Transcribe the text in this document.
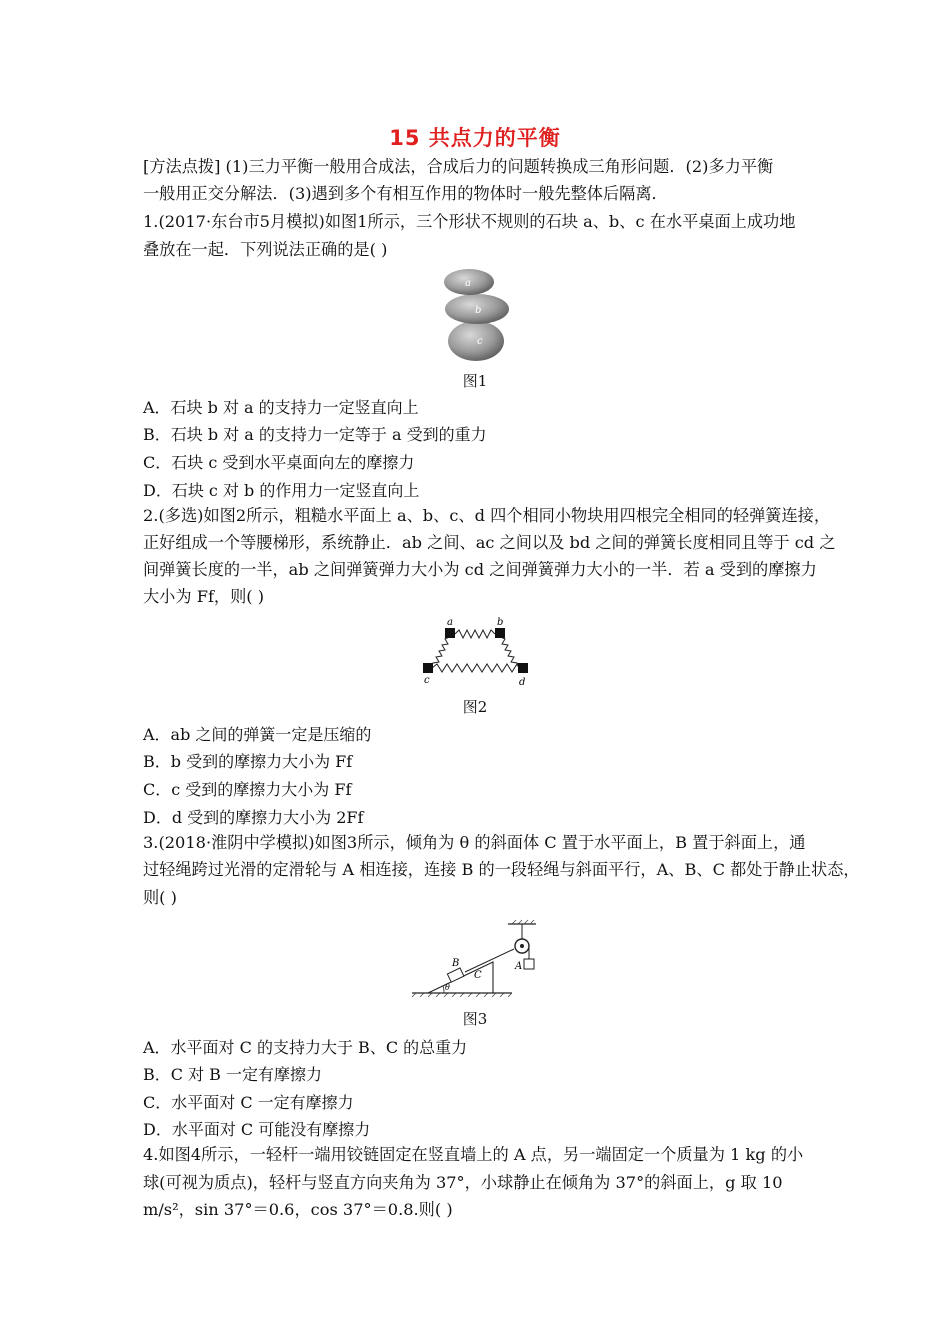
15 共点力的平衡
[方法点拨] (1)三力平衡一般用合成法，合成后力的问题转换成三角形问题．(2)多力平衡
一般用正交分解法．(3)遇到多个有相互作用的物体时一般先整体后隔离．
1.(2017·东台市5月模拟)如图1所示，三个形状不规则的石块 a、b、c 在水平桌面上成功地
叠放在一起．下列说法正确的是( )
a
b
c
图1
A．石块 b 对 a 的支持力一定竖直向上
B．石块 b 对 a 的支持力一定等于 a 受到的重力
C．石块 c 受到水平桌面向左的摩擦力
D．石块 c 对 b 的作用力一定竖直向上
2.(多选)如图2所示，粗糙水平面上 a、b、c、d 四个相同小物块用四根完全相同的轻弹簧连接，
正好组成一个等腰梯形，系统静止．ab 之间、ac 之间以及 bd 之间的弹簧长度相同且等于 cd 之
间弹簧长度的一半，ab 之间弹簧弹力大小为 cd 之间弹簧弹力大小的一半．若 a 受到的摩擦力
大小为 Ff，则( )
a	b
c	d
图2
A．ab 之间的弹簧一定是压缩的
B．b 受到的摩擦力大小为 Ff
C．c 受到的摩擦力大小为 Ff
D．d 受到的摩擦力大小为 2Ff
3.(2018·淮阴中学模拟)如图3所示，倾角为 θ 的斜面体 C 置于水平面上，B 置于斜面上，通
过轻绳跨过光滑的定滑轮与 A 相连接，连接 B 的一段轻绳与斜面平行，A、B、C 都处于静止状态，
则( )
B
C
A
θ
图3
A．水平面对 C 的支持力大于 B、C 的总重力
B．C 对 B 一定有摩擦力
C．水平面对 C 一定有摩擦力
D．水平面对 C 可能没有摩擦力
4.如图4所示，一轻杆一端用铰链固定在竖直墙上的 A 点，另一端固定一个质量为 1 kg 的小
球(可视为质点)，轻杆与竖直方向夹角为 37°，小球静止在倾角为 37°的斜面上，g 取 10
m/s²，sin 37°＝0.6，cos 37°＝0.8.则( )
